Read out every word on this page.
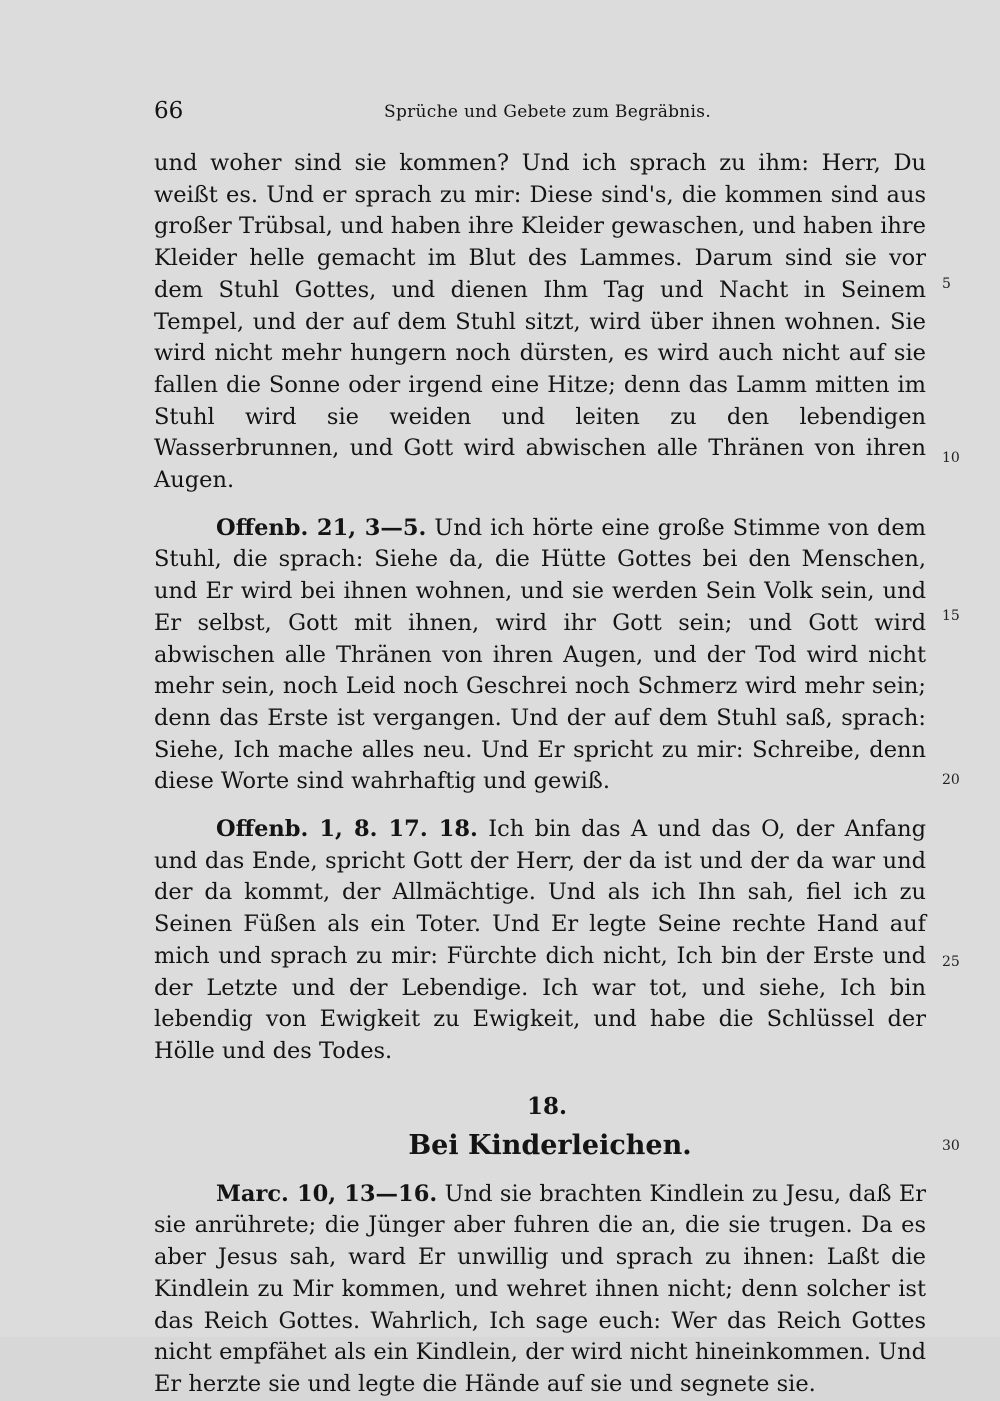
66	Sprüche und Gebete zum Begräbnis.

und woher sind sie kommen? Und ich sprach zu ihm: Herr, Du weißt es. Und er sprach zu mir: Diese sind's, die kommen sind aus großer Trübsal, und haben ihre Kleider gewaschen, und haben ihre Kleider helle gemacht im Blut des Lammes. Darum sind sie vor dem Stuhl Gottes, und dienen Ihm Tag und Nacht in Seinem Tempel, und der auf dem Stuhl sitzt, wird über ihnen wohnen. Sie wird nicht mehr hungern noch dürsten, es wird auch nicht auf sie fallen die Sonne oder irgend eine Hitze; denn das Lamm mitten im Stuhl wird sie weiden und leiten zu den lebendigen Wasserbrunnen, und Gott wird abwischen alle Thränen von ihren Augen.

Offenb. 21, 3—5. Und ich hörte eine große Stimme von dem Stuhl, die sprach: Siehe da, die Hütte Gottes bei den Menschen, und Er wird bei ihnen wohnen, und sie werden Sein Volk sein, und Er selbst, Gott mit ihnen, wird ihr Gott sein; und Gott wird abwischen alle Thränen von ihren Augen, und der Tod wird nicht mehr sein, noch Leid noch Geschrei noch Schmerz wird mehr sein; denn das Erste ist vergangen. Und der auf dem Stuhl saß, sprach: Siehe, Ich mache alles neu. Und Er spricht zu mir: Schreibe, denn diese Worte sind wahrhaftig und gewiß.

Offenb. 1, 8. 17. 18. Ich bin das A und das O, der Anfang und das Ende, spricht Gott der Herr, der da ist und der da war und der da kommt, der Allmächtige. Und als ich Ihn sah, fiel ich zu Seinen Füßen als ein Toter. Und Er legte Seine rechte Hand auf mich und sprach zu mir: Fürchte dich nicht, Ich bin der Erste und der Letzte und der Lebendige. Ich war tot, und siehe, Ich bin lebendig von Ewigkeit zu Ewigkeit, und habe die Schlüssel der Hölle und des Todes.

18.
Bei Kinderleichen.

Marc. 10, 13—16. Und sie brachten Kindlein zu Jesu, daß Er sie anrührete; die Jünger aber fuhren die an, die sie trugen. Da es aber Jesus sah, ward Er unwillig und sprach zu ihnen: Laßt die Kindlein zu Mir kommen, und wehret ihnen nicht; denn solcher ist das Reich Gottes. Wahrlich, Ich sage euch: Wer das Reich Gottes nicht empfähet als ein Kindlein, der wird nicht hineinkommen. Und Er herzte sie und legte die Hände auf sie und segnete sie.

5
10
15
20
25
30
